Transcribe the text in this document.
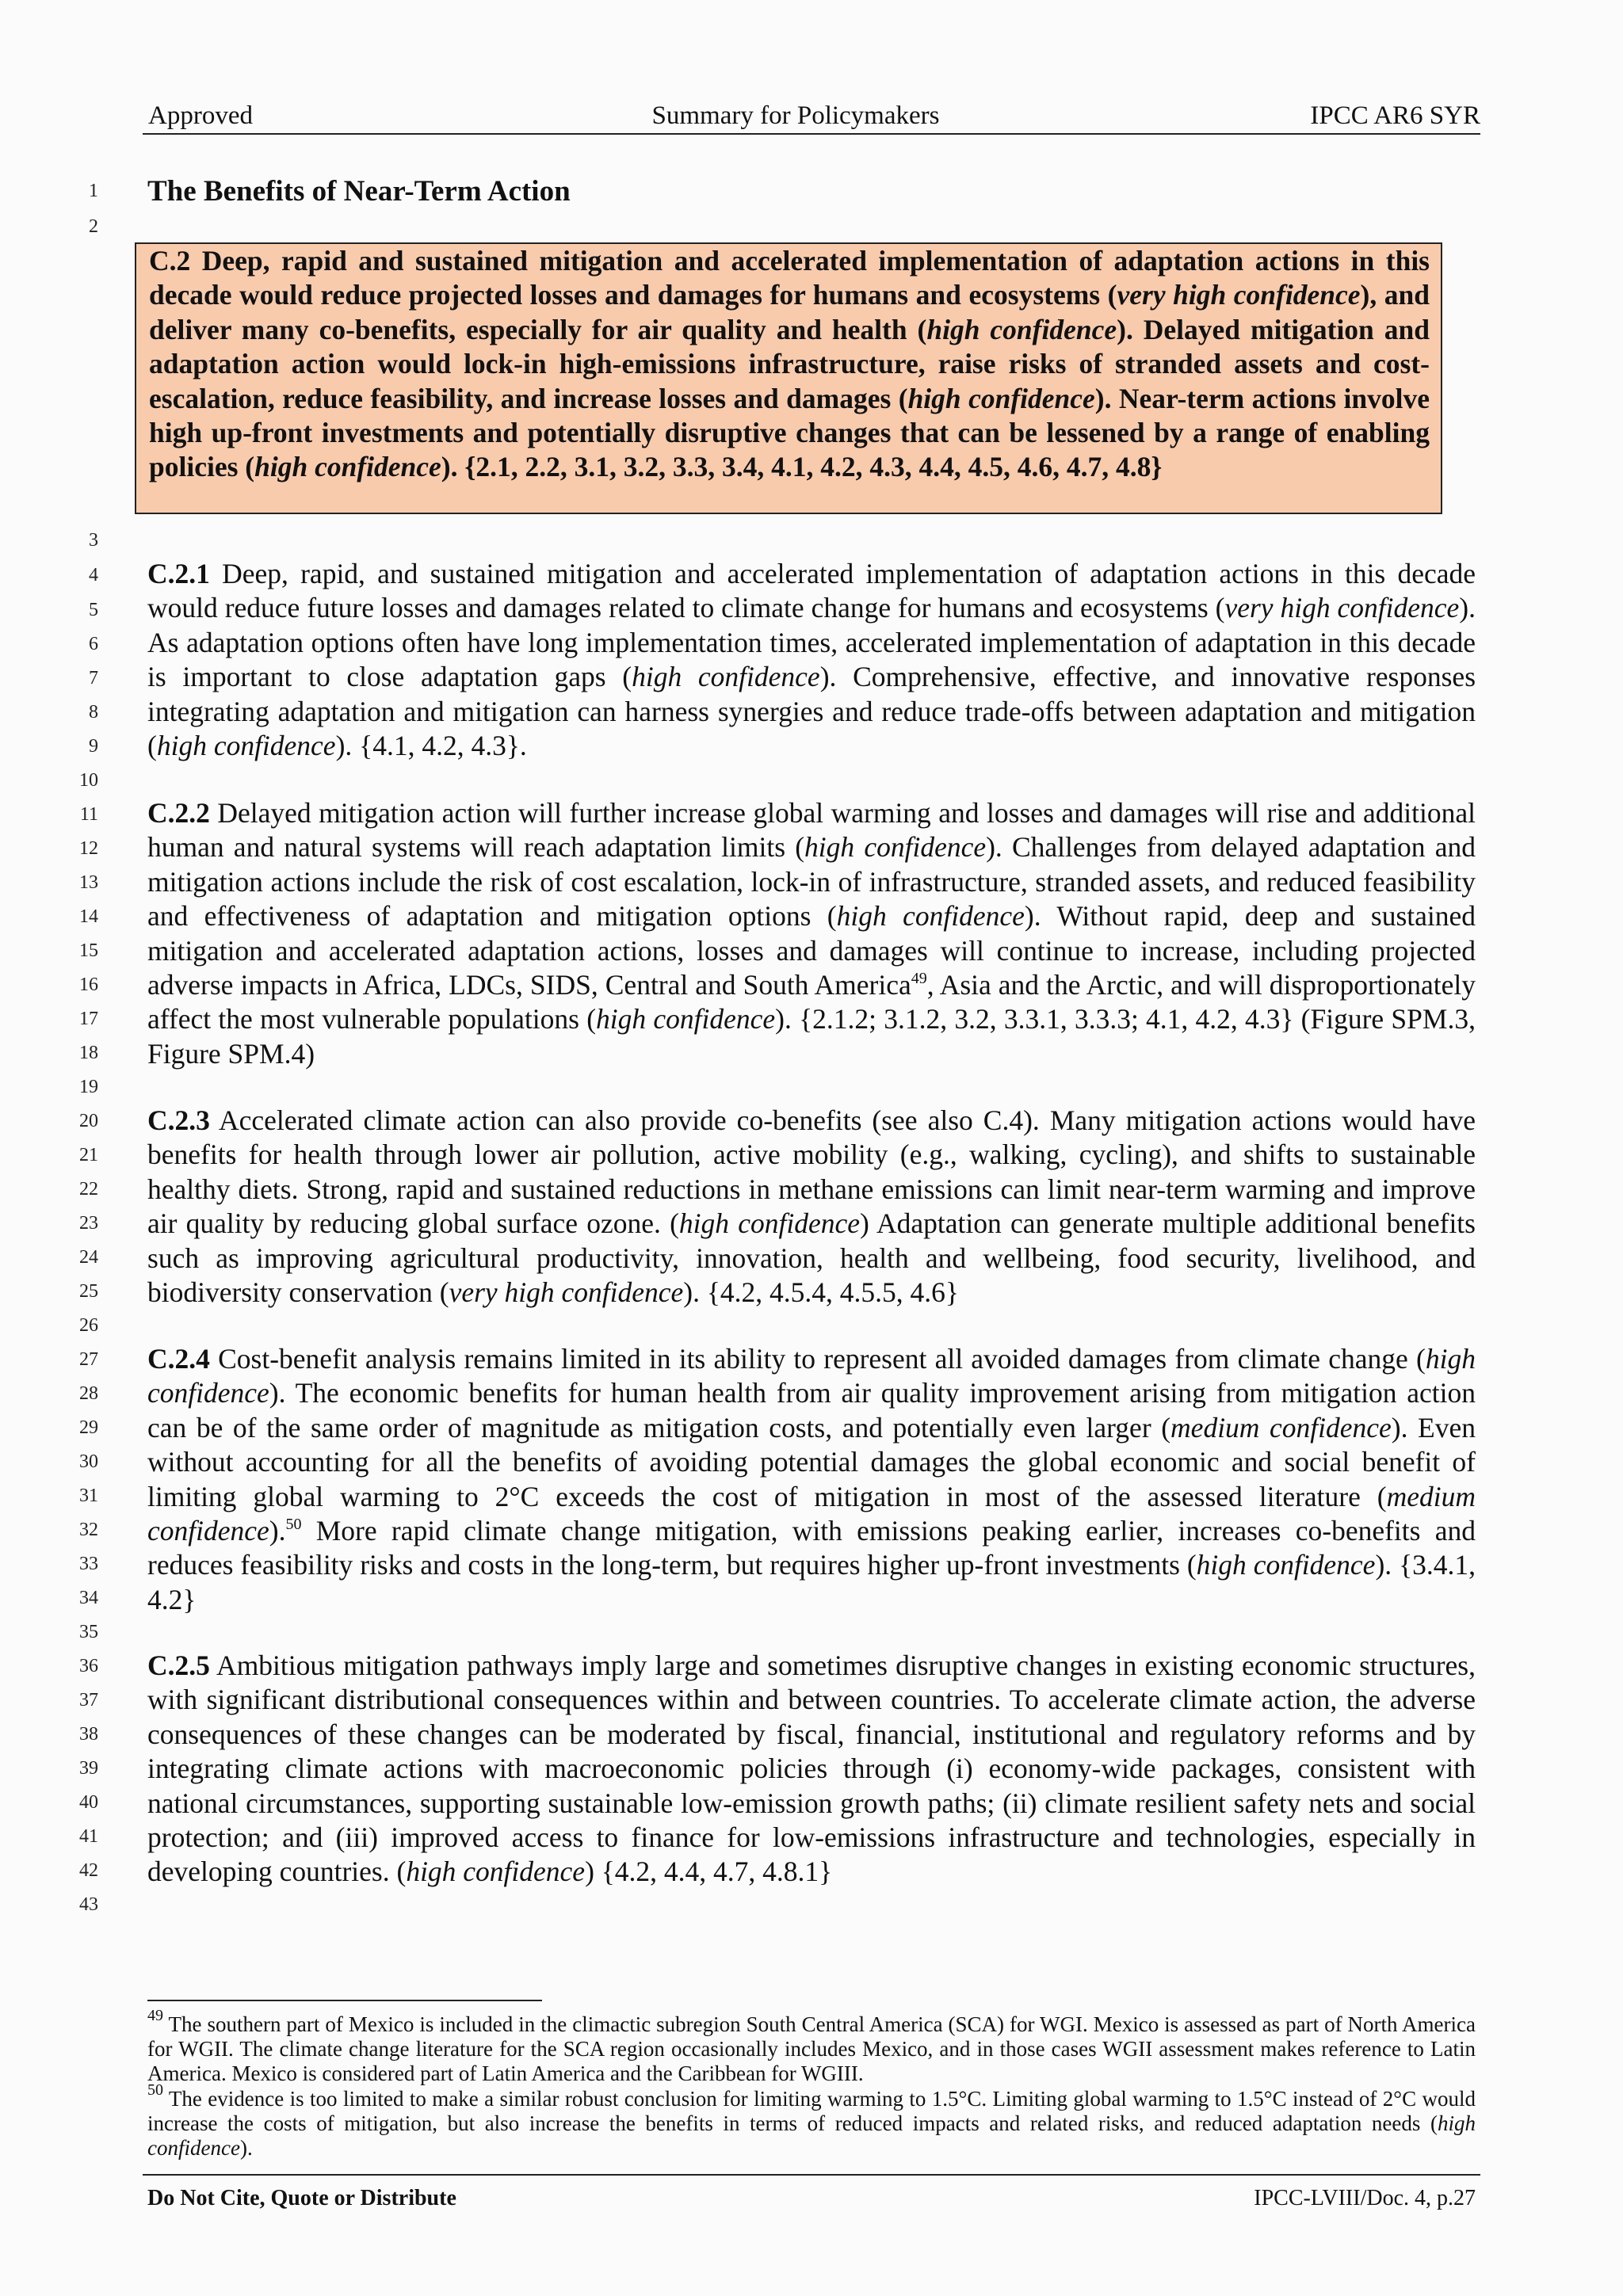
Approved	Summary for Policymakers	IPCC AR6 SYR
1
2
3
4
5
6
7
8
9
10
11
12
13
14
15
16
17
18
19
20
21
22
23
24
25
26
27
28
29
30
31
32
33
34
35
36
37
38
39
40
41
42
43
The Benefits of Near-Term Action
C.2 Deep, rapid and sustained mitigation and accelerated implementation of adaptation actions in this decade would reduce projected losses and damages for humans and ecosystems (very high confidence), and deliver many co-benefits, especially for air quality and health (high confidence). Delayed mitigation and adaptation action would lock-in high-emissions infrastructure, raise risks of stranded assets and cost-escalation, reduce feasibility, and increase losses and damages (high confidence). Near-term actions involve high up-front investments and potentially disruptive changes that can be lessened by a range of enabling policies (high confidence). {2.1, 2.2, 3.1, 3.2, 3.3, 3.4, 4.1, 4.2, 4.3, 4.4, 4.5, 4.6, 4.7, 4.8}
C.2.1 Deep, rapid, and sustained mitigation and accelerated implementation of adaptation actions in this decade would reduce future losses and damages related to climate change for humans and ecosystems (very high confidence). As adaptation options often have long implementation times, accelerated implementation of adaptation in this decade is important to close adaptation gaps (high confidence). Comprehensive, effective, and innovative responses integrating adaptation and mitigation can harness synergies and reduce trade-offs between adaptation and mitigation (high confidence). {4.1, 4.2, 4.3}.
C.2.2 Delayed mitigation action will further increase global warming and losses and damages will rise and additional human and natural systems will reach adaptation limits (high confidence). Challenges from delayed adaptation and mitigation actions include the risk of cost escalation, lock-in of infrastructure, stranded assets, and reduced feasibility and effectiveness of adaptation and mitigation options (high confidence). Without rapid, deep and sustained mitigation and accelerated adaptation actions, losses and damages will continue to increase, including projected adverse impacts in Africa, LDCs, SIDS, Central and South America$^{49}$, Asia and the Arctic, and will disproportionately affect the most vulnerable populations (high confidence). {2.1.2; 3.1.2, 3.2, 3.3.1, 3.3.3; 4.1, 4.2, 4.3} (Figure SPM.3, Figure SPM.4)
C.2.3 Accelerated climate action can also provide co-benefits (see also C.4). Many mitigation actions would have benefits for health through lower air pollution, active mobility (e.g., walking, cycling), and shifts to sustainable healthy diets. Strong, rapid and sustained reductions in methane emissions can limit near-term warming and improve air quality by reducing global surface ozone. (high confidence) Adaptation can generate multiple additional benefits such as improving agricultural productivity, innovation, health and wellbeing, food security, livelihood, and biodiversity conservation (very high confidence). {4.2, 4.5.4, 4.5.5, 4.6}
C.2.4 Cost-benefit analysis remains limited in its ability to represent all avoided damages from climate change (high confidence). The economic benefits for human health from air quality improvement arising from mitigation action can be of the same order of magnitude as mitigation costs, and potentially even larger (medium confidence). Even without accounting for all the benefits of avoiding potential damages the global economic and social benefit of limiting global warming to 2°C exceeds the cost of mitigation in most of the assessed literature (medium confidence).$^{50}$ More rapid climate change mitigation, with emissions peaking earlier, increases co-benefits and reduces feasibility risks and costs in the long-term, but requires higher up-front investments (high confidence). {3.4.1, 4.2}
C.2.5 Ambitious mitigation pathways imply large and sometimes disruptive changes in existing economic structures, with significant distributional consequences within and between countries. To accelerate climate action, the adverse consequences of these changes can be moderated by fiscal, financial, institutional and regulatory reforms and by integrating climate actions with macroeconomic policies through (i) economy-wide packages, consistent with national circumstances, supporting sustainable low-emission growth paths; (ii) climate resilient safety nets and social protection; and (iii) improved access to finance for low-emissions infrastructure and technologies, especially in developing countries. (high confidence) {4.2, 4.4, 4.7, 4.8.1}
$^{49}$ The southern part of Mexico is included in the climactic subregion South Central America (SCA) for WGI. Mexico is assessed as part of North America for WGII. The climate change literature for the SCA region occasionally includes Mexico, and in those cases WGII assessment makes reference to Latin America. Mexico is considered part of Latin America and the Caribbean for WGIII.
$^{50}$ The evidence is too limited to make a similar robust conclusion for limiting warming to 1.5°C. Limiting global warming to 1.5°C instead of 2°C would increase the costs of mitigation, but also increase the benefits in terms of reduced impacts and related risks, and reduced adaptation needs (high confidence).
Do Not Cite, Quote or Distribute	IPCC-LVIII/Doc. 4, p.27
